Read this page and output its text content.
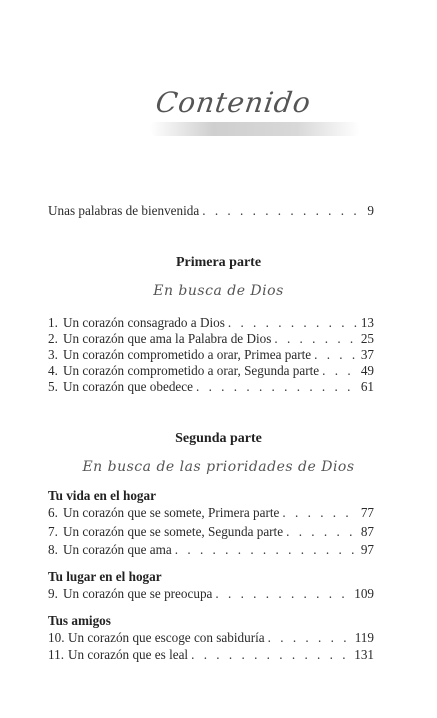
Contenido
Unas palabras de bienvenida . . .	9
Primera parte
En busca de Dios
1. Un corazón consagrado a Dios . . .	13
2. Un corazón que ama la Palabra de Dios . . .	25
3. Un corazón comprometido a orar, Primea parte . . .	37
4. Un corazón comprometido a orar, Segunda parte . . .	49
5. Un corazón que obedece . . .	61
Segunda parte
En busca de las prioridades de Dios
Tu vida en el hogar
6. Un corazón que se somete, Primera parte . . .	77
7. Un corazón que se somete, Segunda parte . . .	87
8. Un corazón que ama . . .	97
Tu lugar en el hogar
9. Un corazón que se preocupa . . .	109
Tus amigos
10. Un corazón que escoge con sabiduría . . .	119
11. Un corazón que es leal . . .	131
